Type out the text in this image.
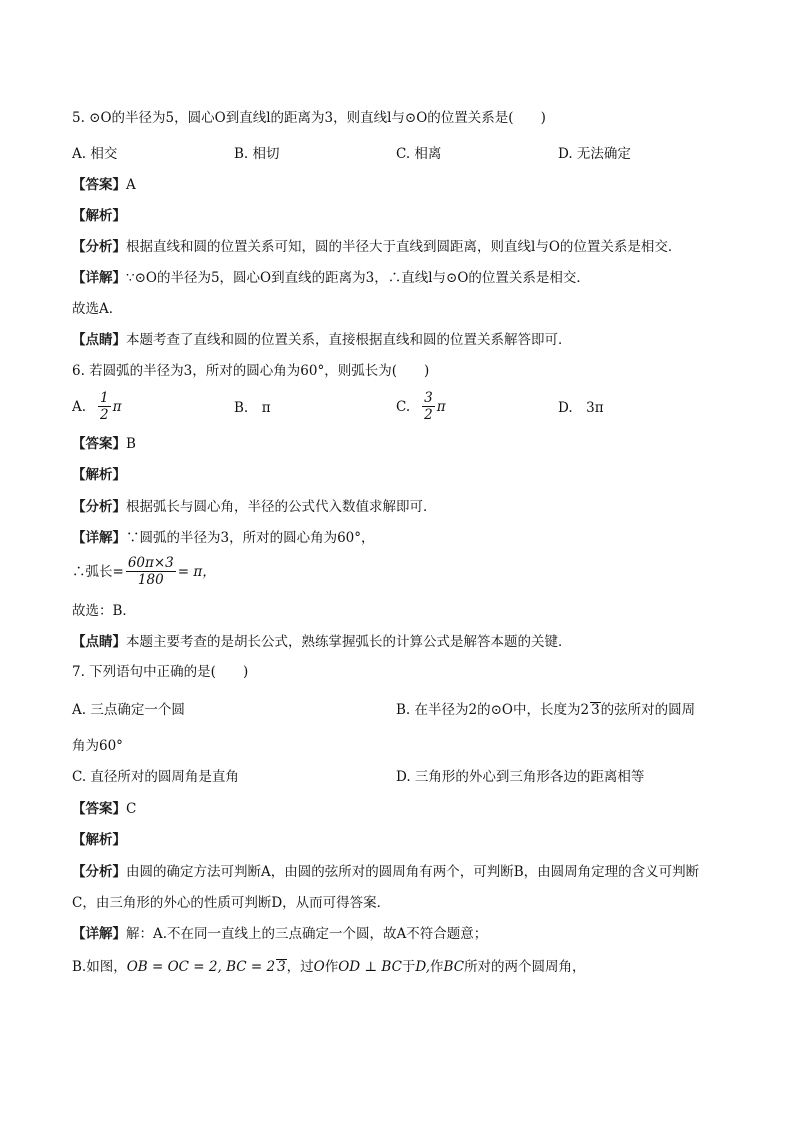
5. ⊙O的半径为5，圆心O到直线l的距离为3，则直线l与⊙O的位置关系是(　　)
A. 相交	B. 相切	C. 相离	D. 无法确定
【答案】A
【解析】
【分析】根据直线和圆的位置关系可知，圆的半径大于直线到圆距离，则直线l与O的位置关系是相交．
【详解】∵⊙O的半径为5，圆心O到直线的距离为3，∴直线l与⊙O的位置关系是相交．
故选A．
【点睛】本题考查了直线和圆的位置关系，直接根据直线和圆的位置关系解答即可．
6. 若圆弧的半径为3，所对的圆心角为60°，则弧长为(　　)
A. $\frac{1}{2}$ π	B.　π	C. $\frac{3}{2}$ π	D.　3π
【答案】B
【解析】
【分析】根据弧长与圆心角，半径的公式代入数值求解即可．
【详解】∵圆弧的半径为3，所对的圆心角为60°，
∴弧长= $\frac{60\pi\times 3}{180} = \pi$，
故选：B．
【点睛】本题主要考查的是胡长公式，熟练掌握弧长的计算公式是解答本题的关键．
7. 下列语句中正确的是(　　)
A. 三点确定一个圆	B. 在半径为2的⊙O中，长度为2 3的弦所对的圆周
角为60°
C. 直径所对的圆周角是直角	D. 三角形的外心到三角形各边的距离相等
【答案】C
【解析】
【分析】由圆的确定方法可判断A，由圆的弦所对的圆周角有两个，可判断B，由圆周角定理的含义可判断
C，由三角形的外心的性质可判断D，从而可得答案．
【详解】解：A.不在同一直线上的三点确定一个圆，故A不符合题意；
B.如图，OB = OC = 2, BC = 2 3，过O作OD ⊥ BC于D,作BC所对的两个圆周角，
